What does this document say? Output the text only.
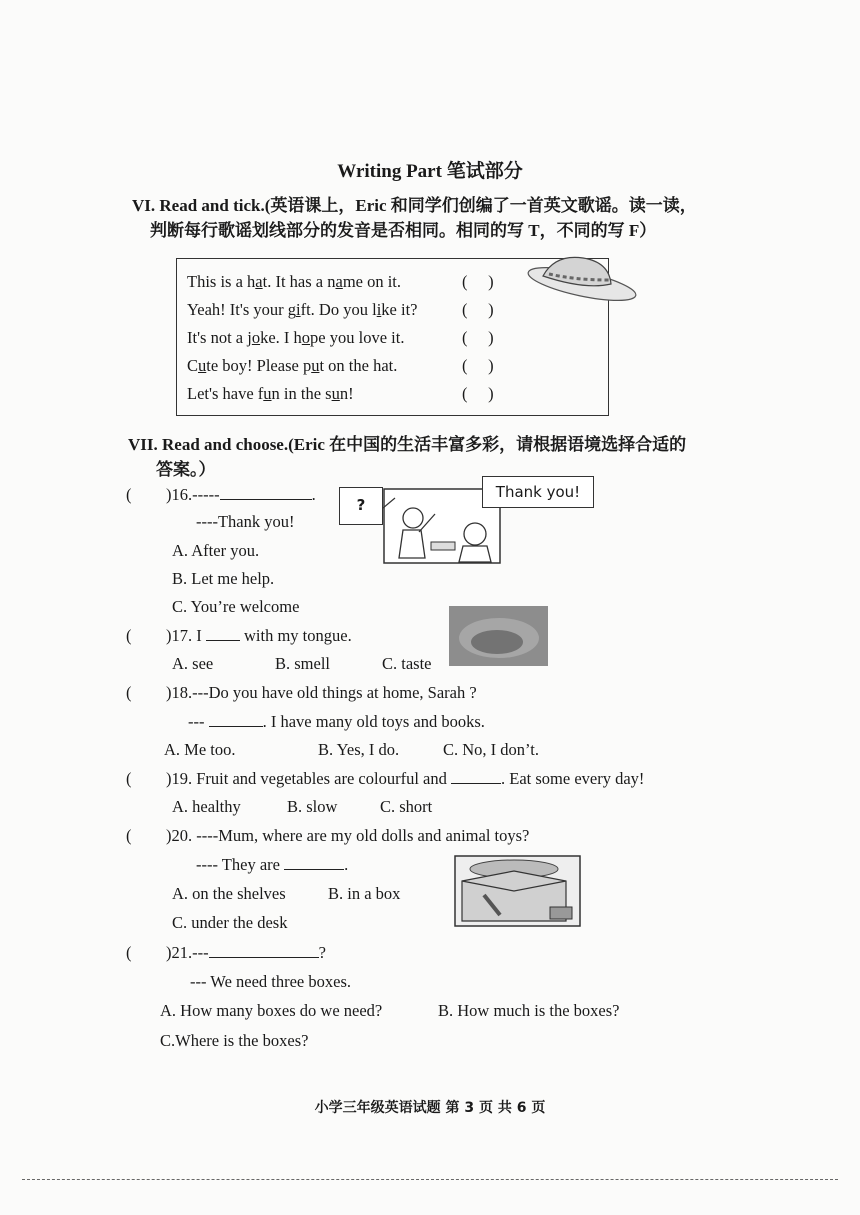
Writing Part 笔试部分
VI. Read and tick.(英语课上，Eric 和同学们创编了一首英文歌谣。读一读，
判断每行歌谣划线部分的发音是否相同。相同的写 T，不同的写 F）
This is a hat. It has a name on it.	(     )
Yeah! It's your gift. Do you like it?	(     )
It's not a joke. I hope you love it.	(     )
Cute boy! Please put on the hat.	(     )
Let's have fun in the sun!	(     )
VII. Read and choose.(Eric 在中国的生活丰富多彩，请根据语境选择合适的
答案。）
( )16.-----	.
----Thank you!
A. After you.
B. Let me help.
C. You’re welcome
?
Thank you!
( )17. I	with my tongue.
A. see	B. smell	C. taste
( )18.---Do you have old things at home, Sarah ?
---	. I have many old toys and books.
A. Me too.	B. Yes, I do.	C. No, I don’t.
( )19. Fruit and vegetables are colourful and	. Eat some every day!
A. healthy	B. slow	C. short
( )20. ----Mum, where are my old dolls and animal toys?
---- They are	.
A. on the shelves	B. in a box
C. under the desk
( )21.---	?
--- We need three boxes.
A. How many boxes do we need?	B. How much is the boxes?
C.Where is the boxes?
小学三年级英语试题 第 3 页 共 6 页
